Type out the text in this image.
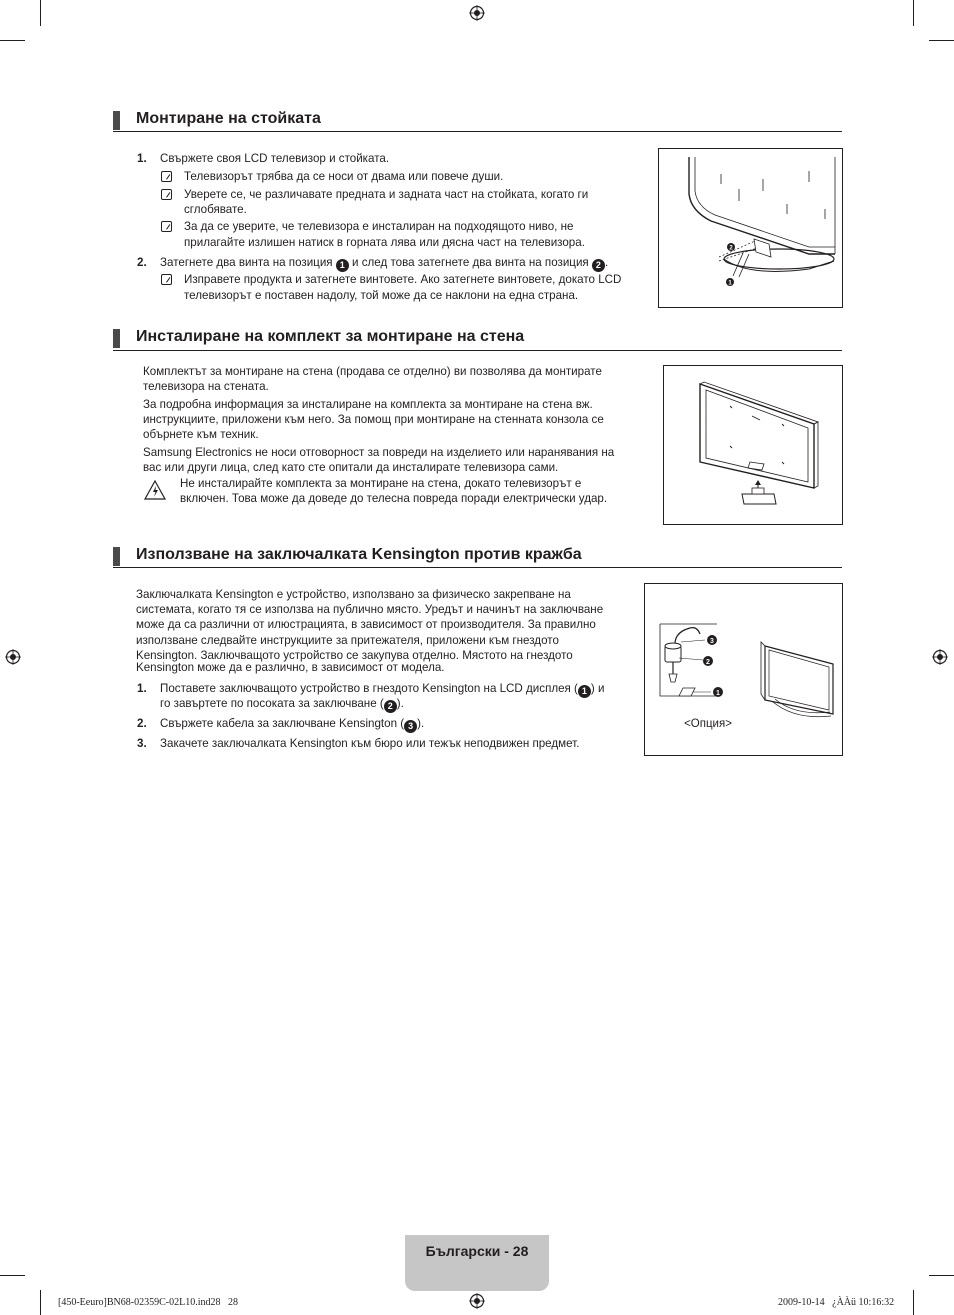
Монтиране на стойката
1. Свържете своя LCD телевизор и стойката.
Телевизорът трябва да се носи от двама или повече души.
Уверете се, че различавате предната и задната част на стойката, когато ги
сглобявате.
За да се уверите, че телевизора е инсталиран на подходящото ниво, не
прилагайте излишен натиск в горната лява или дясна част на телевизора.
2. Затегнете два винта на позиция 1 и след това затегнете два винта на позиция 2 .
Изправете продукта и затегнете винтовете. Ако затегнете винтовете, докато LCD
телевизорът е поставен надолу, той може да се наклони на една страна.
2
1
Инсталиране на комплект за монтиране на стена
Комплектът за монтиране на стена (продава се отделно) ви позволява да монтирате
телевизора на стената.
За подробна информация за инсталиране на комплекта за монтиране на стена вж.
инструкциите, приложени към него. За помощ при монтиране на стенната конзола се
обърнете към техник.
Samsung Electronics не носи отговорност за повреди на изделието или наранявания на
вас или други лица, след като сте опитали да инсталирате телевизора сами.
Не инсталирайте комплекта за монтиране на стена, докато телевизорът е
включен. Това може да доведе до телесна повреда поради електрически удар.
Използване на заключалката Kensington против кражба
Заключалката Kensington е устройство, използвано за физическо закрепване на
системата, когато тя се използва на публично място. Уредът и начинът на заключване
може да са различни от илюстрацията, в зависимост от производителя. За правилно
използване следвайте инструкциите за притежателя, приложени към гнездото
Kensington. Заключващото устройство се закупува отделно. Мястото на гнездото
Kensington може да е различно, в зависимост от модела.
1. Поставете заключващото устройство в гнездото Kensington на LCD дисплея ( 1 ) и
го завъртете по посоката за заключване ( 2 ).
2. Свържете кабела за заключване Kensington ( 3 ).
3. Закачете заключалката Kensington към бюро или тежък неподвижен предмет.
3
2
1
<Опция>
Български - 28
[450-Eeuro]BN68-02359C-02L10.ind28   28	2009-10-14   ¿ÀÀü 10:16:32
